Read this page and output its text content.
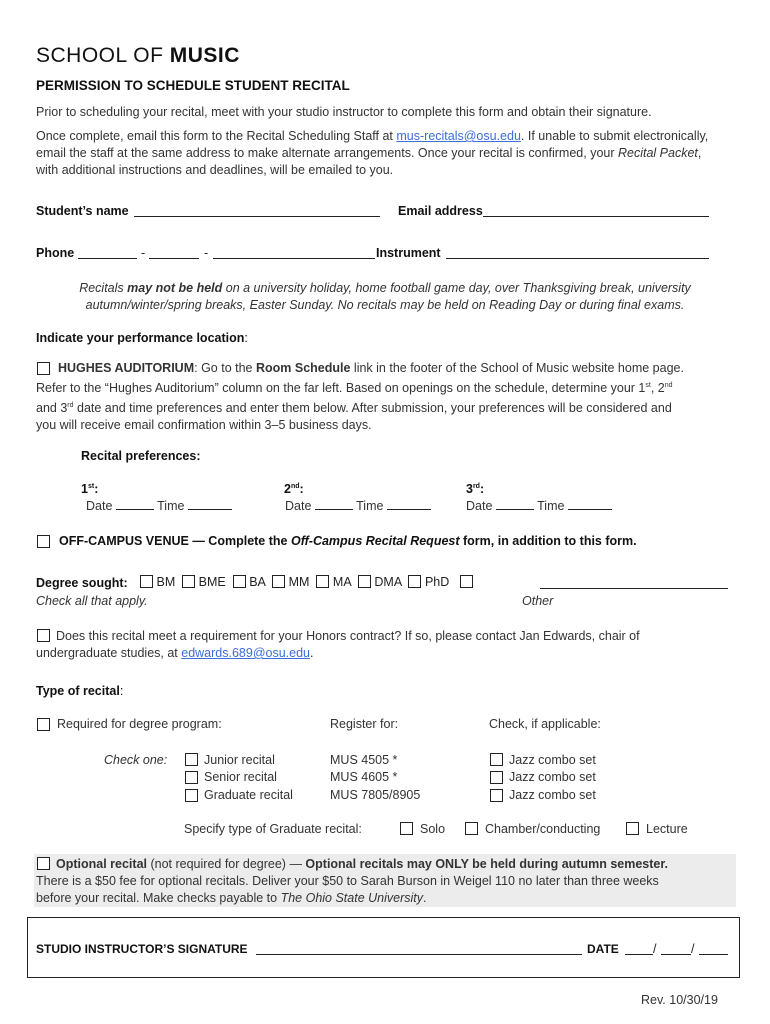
SCHOOL OF MUSIC
PERMISSION TO SCHEDULE STUDENT RECITAL
Prior to scheduling your recital, meet with your studio instructor to complete this form and obtain their signature.
Once complete, email this form to the Recital Scheduling Staff at mus-recitals@osu.edu. If unable to submit electronically,
email the staff at the same address to make alternate arrangements. Once your recital is confirmed, your Recital Packet,
with additional instructions and deadlines, will be emailed to you.
Student’s name	Email address
Phone	-	-	Instrument
Recitals may not be held on a university holiday, home football game day, over Thanksgiving break, university
autumn/winter/spring breaks, Easter Sunday. No recitals may be held on Reading Day or during final exams.
Indicate your performance location:
HUGHES AUDITORIUM: Go to the Room Schedule link in the footer of the School of Music website home page.
Refer to the “Hughes Auditorium” column on the far left. Based on openings on the schedule, determine your 1st, 2nd
and 3rd date and time preferences and enter them below. After submission, your preferences will be considered and
you will receive email confirmation within 3–5 business days.
Recital preferences:
1st:
Date	Time
2nd:
Date	Time
3rd:
Date	Time
OFF-CAMPUS VENUE — Complete the Off-Campus Recital Request form, in addition to this form.
Degree sought:	BM BME BA MM MA DMA PhD
Check all that apply.	Other
Does this recital meet a requirement for your Honors contract? If so, please contact Jan Edwards, chair of
undergraduate studies, at edwards.689@osu.edu.
Type of recital:
Required for degree program:	Register for:	Check, if applicable:
Check one:	Junior recital	MUS 4505 *	Jazz combo set
Senior recital	MUS 4605 *	Jazz combo set
Graduate recital	MUS 7805/8905	Jazz combo set
Specify type of Graduate recital:	Solo	Chamber/conducting	Lecture
Optional recital (not required for degree) — Optional recitals may ONLY be held during autumn semester.
There is a $50 fee for optional recitals. Deliver your $50 to Sarah Burson in Weigel 110 no later than three weeks
before your recital. Make checks payable to The Ohio State University.
STUDIO INSTRUCTOR’S SIGNATURE	DATE	/	/
Rev. 10/30/19
